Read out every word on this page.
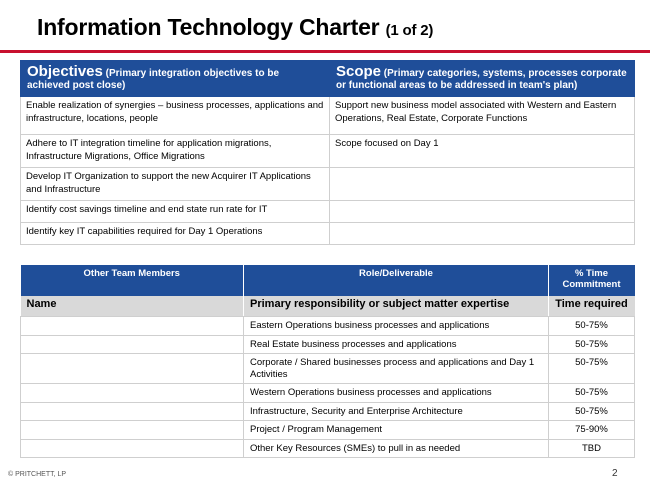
Information Technology Charter (1 of 2)
Objectives (Primary integration objectives to be achieved post close)	Scope (Primary categories, systems, processes corporate or functional areas to be addressed in team's plan)
Enable realization of synergies – business processes, applications and infrastructure, locations, people	Support new business model associated with Western and Eastern Operations, Real Estate, Corporate Functions
Adhere to IT integration timeline for application migrations, Infrastructure Migrations, Office Migrations	Scope focused on Day 1
Develop IT Organization to support the new Acquirer IT Applications and Infrastructure	
Identify cost savings timeline and end state run rate for IT	
Identify key IT capabilities required for Day 1 Operations	
Other Team Members	Role/Deliverable	% Time Commitment
Name	Primary responsibility or subject matter expertise	Time required
	Eastern Operations business processes and applications	50-75%
	Real Estate business processes and applications	50-75%
	Corporate / Shared businesses process and applications and Day 1 Activities	50-75%
	Western Operations business processes and applications	50-75%
	Infrastructure, Security and Enterprise Architecture	50-75%
	Project / Program Management	75-90%
	Other Key Resources (SMEs) to pull in as needed	TBD
© PRITCHETT, LP	2
